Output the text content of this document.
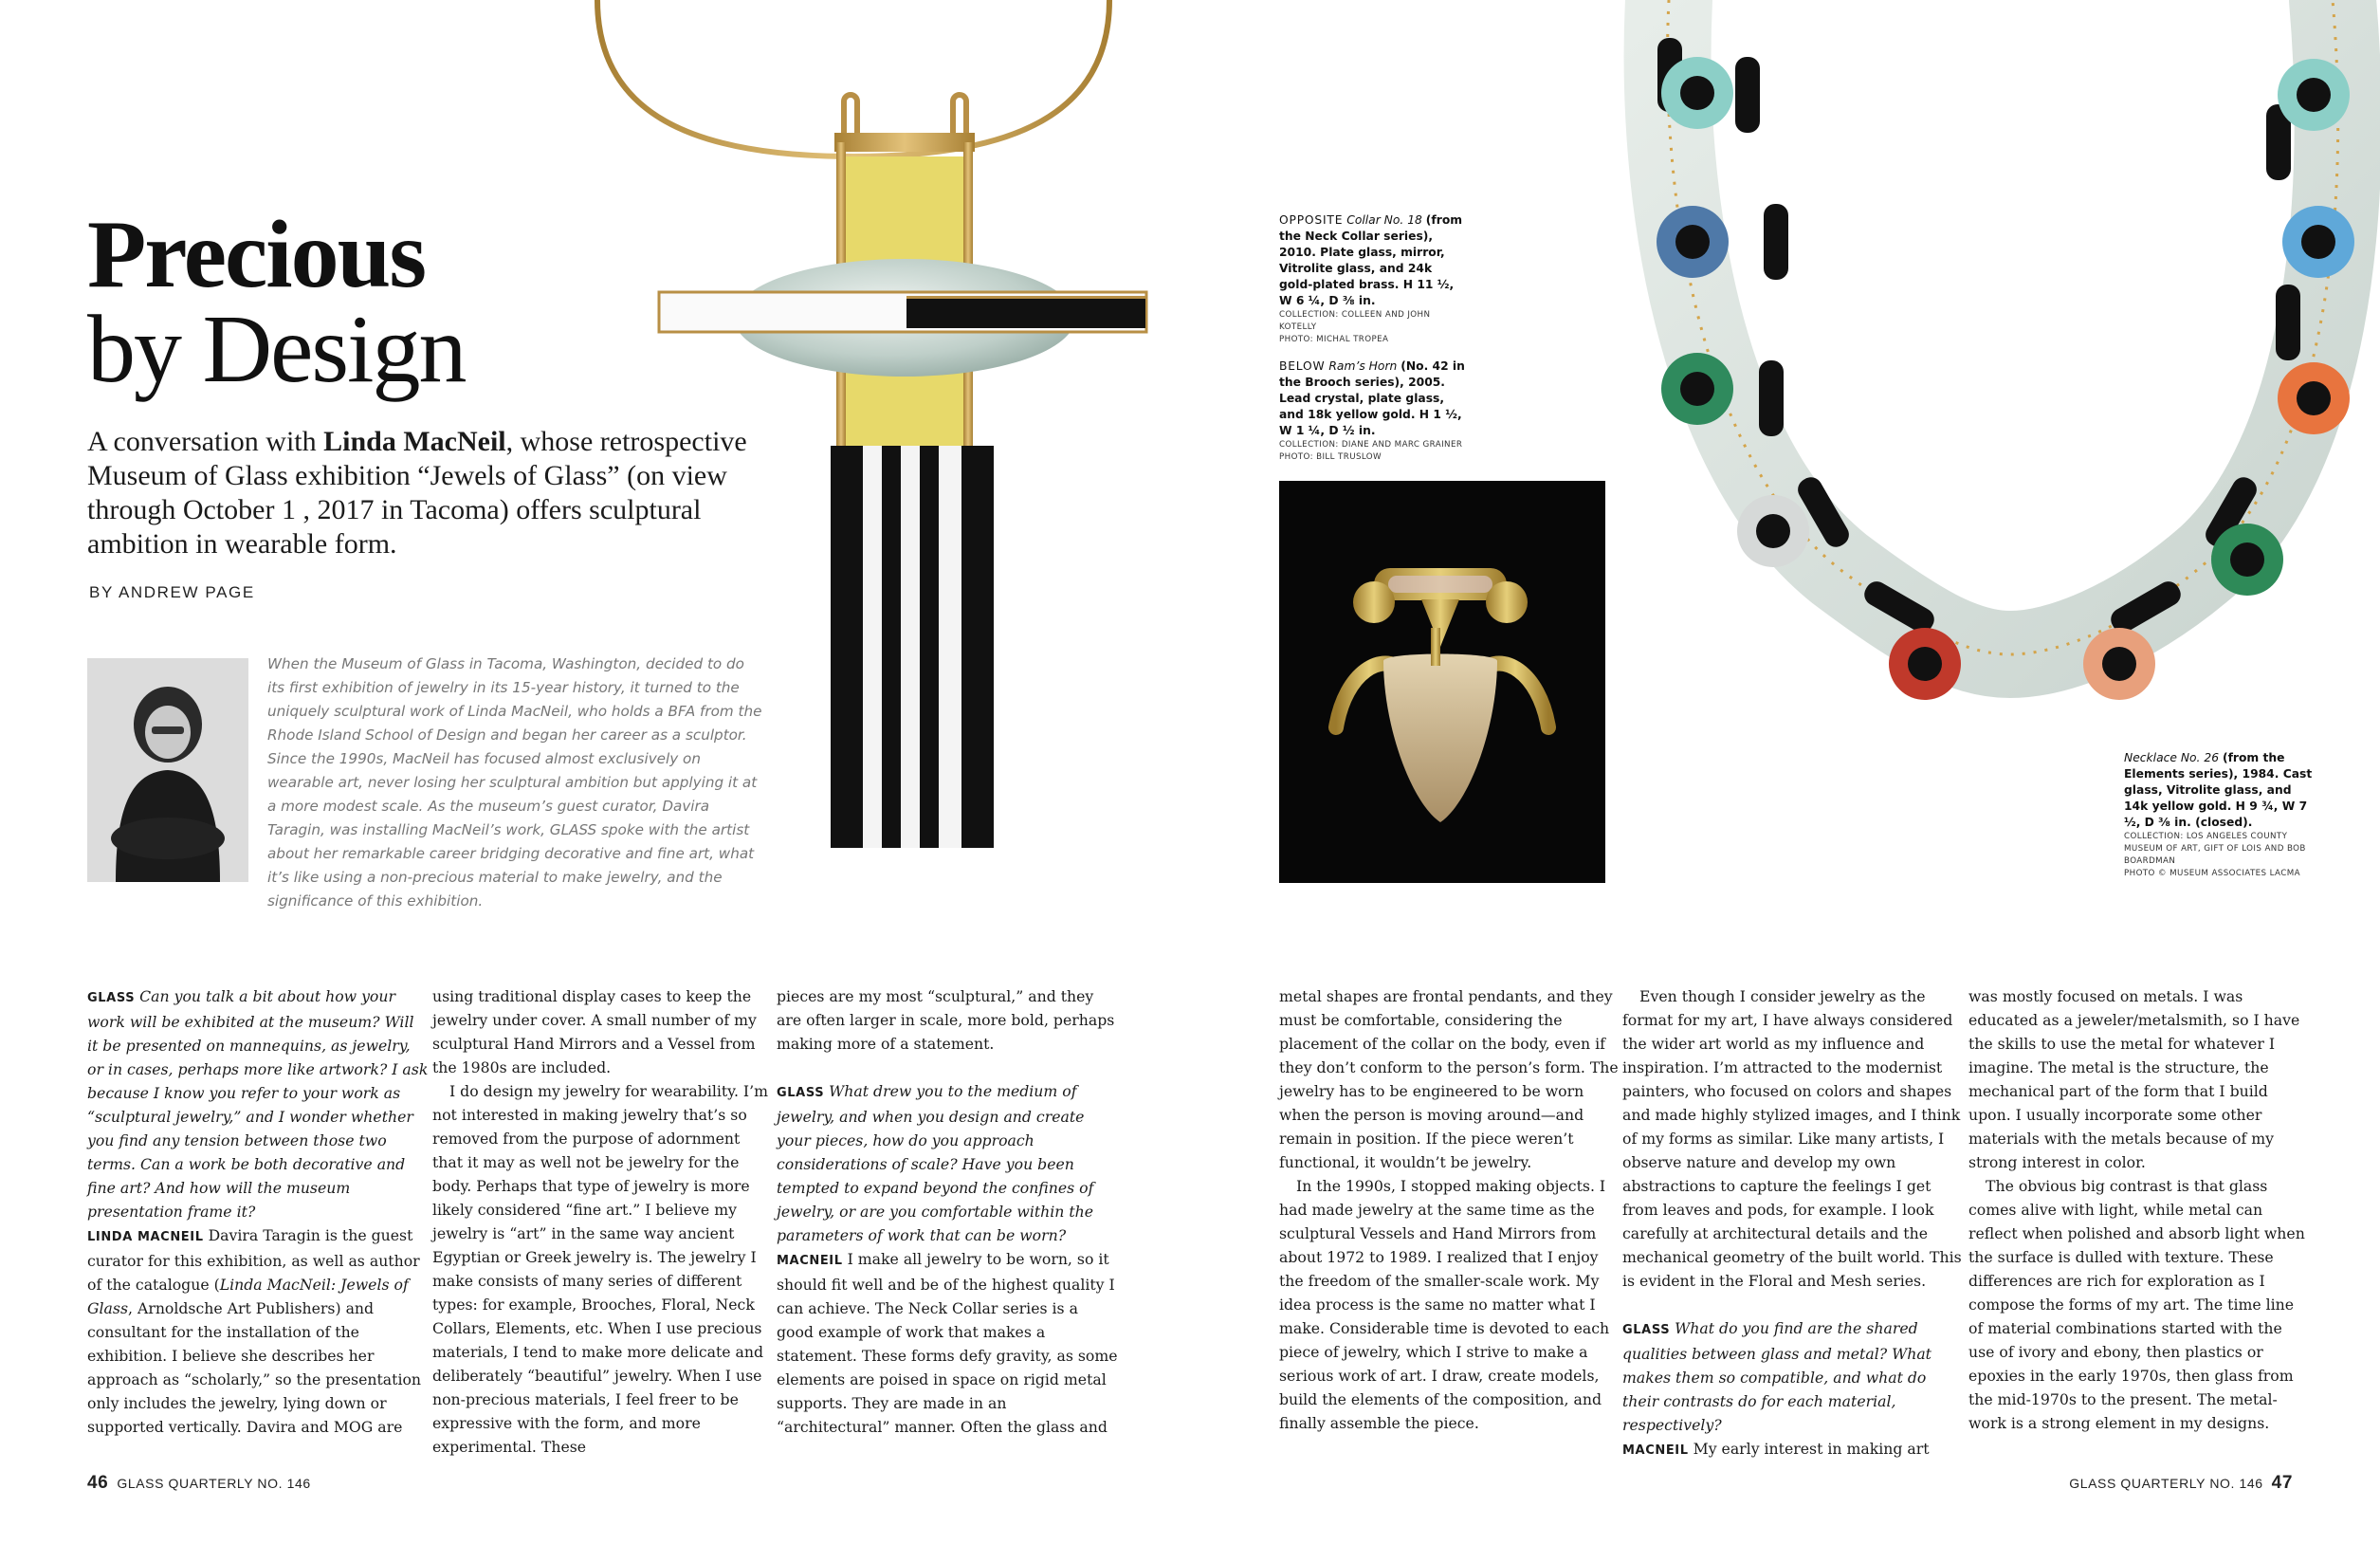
Precious
by Design
A conversation with Linda MacNeil, whose retrospective Museum of Glass exhibition “Jewels of Glass” (on view through October 1 , 2017 in Tacoma) offers sculptural ambition in wearable form.
BY ANDREW PAGE
When the Museum of Glass in Tacoma, Washington, decided to do its first exhibition of jewelry in its 15-year history, it turned to the uniquely sculptural work of Linda MacNeil, who holds a BFA from the Rhode Island School of Design and began her career as a sculptor. Since the 1990s, MacNeil has focused almost exclusively on wearable art, never losing her sculptural ambition but applying it at a more modest scale. As the museum’s guest curator, Davira Taragin, was installing MacNeil’s work, GLASS spoke with the artist about her remarkable career bridging decorative and fine art, what it’s like using a non-precious material to make jewelry, and the significance of this exhibition.
OPPOSITE Collar No. 18 (from the Neck Collar series), 2010. Plate glass, mirror, Vitrolite glass, and 24k gold-plated brass. H 11 ½, W 6 ¼, D ⅜ in.
COLLECTION: COLLEEN AND JOHN KOTELLY
PHOTO: MICHAL TROPEA
BELOW Ram’s Horn (No. 42 in the Brooch series), 2005. Lead crystal, plate glass, and 18k yellow gold. H 1 ½, W 1 ¼, D ½ in.
COLLECTION: DIANE AND MARC GRAINER
PHOTO: BILL TRUSLOW
Necklace No. 26 (from the Elements series), 1984. Cast glass, Vitrolite glass, and 14k yellow gold. H 9 ¾, W 7 ½, D ⅜ in. (closed).
COLLECTION: LOS ANGELES COUNTY MUSEUM OF ART, GIFT OF LOIS AND BOB BOARDMAN
PHOTO © MUSEUM ASSOCIATES LACMA

GLASS Can you talk a bit about how your work will be exhibited at the museum? Will it be presented on mannequins, as jewelry, or in cases, perhaps more like artwork? I ask because I know you refer to your work as “sculptural jewelry,” and I wonder whether you find any tension between those two terms. Can a work be both decorative and fine art? And how will the museum presentation frame it?

LINDA MACNEIL Davira Taragin is the guest curator for this exhibition, as well as author of the catalogue (Linda MacNeil: Jewels of Glass, Arnoldsche Art Publishers) and consultant for the installation of the exhibition. I believe she describes her approach as “scholarly,” so the presentation only includes the jewelry, lying down or supported vertically. Davira and MOG are

using traditional display cases to keep the jewelry under cover. A small number of my sculptural Hand Mirrors and a Vessel from the 1980s are included.

I do design my jewelry for wearability. I’m not interested in making jewelry that’s so removed from the purpose of adornment that it may as well not be jewelry for the body. Perhaps that type of jewelry is more likely considered “fine art.” I believe my jewelry is “art” in the same way ancient Egyptian or Greek jewelry is. The jewelry I make consists of many series of different types: for example, Brooches, Floral, Neck Collars, Elements, etc. When I use precious materials, I tend to make more delicate and deliberately “beautiful” jewelry. When I use non-precious materials, I feel freer to be expressive with the form, and more experimental. These

pieces are my most “sculptural,” and they are often larger in scale, more bold, perhaps making more of a statement.

GLASS What drew you to the medium of jewelry, and when you design and create your pieces, how do you approach considerations of scale? Have you been tempted to expand beyond the confines of jewelry, or are you comfortable within the parameters of work that can be worn?

MACNEIL I make all jewelry to be worn, so it should fit well and be of the highest quality I can achieve. The Neck Collar series is a good example of work that makes a statement. These forms defy gravity, as some elements are poised in space on rigid metal supports. They are made in an “architectural” manner. Often the glass and

metal shapes are frontal pendants, and they must be comfortable, considering the placement of the collar on the body, even if they don’t conform to the person’s form. The jewelry has to be engineered to be worn when the person is moving around—and remain in position. If the piece weren’t functional, it wouldn’t be jewelry.

In the 1990s, I stopped making objects. I had made jewelry at the same time as the sculptural Vessels and Hand Mirrors from about 1972 to 1989. I realized that I enjoy the freedom of the smaller-scale work. My idea process is the same no matter what I make. Considerable time is devoted to each piece of jewelry, which I strive to make a serious work of art. I draw, create models, build the elements of the composition, and finally assemble the piece.

Even though I consider jewelry as the format for my art, I have always considered the wider art world as my influence and inspiration. I’m attracted to the modernist painters, who focused on colors and shapes and made highly stylized images, and I think of my forms as similar. Like many artists, I observe nature and develop my own abstractions to capture the feelings I get from leaves and pods, for example. I look carefully at architectural details and the mechanical geometry of the built world. This is evident in the Floral and Mesh series.

GLASS What do you find are the shared qualities between glass and metal? What makes them so compatible, and what do their contrasts do for each material, respectively?

MACNEIL My early interest in making art

was mostly focused on metals. I was educated as a jeweler/metalsmith, so I have the skills to use the metal for whatever I imagine. The metal is the structure, the mechanical part of the form that I build upon. I usually incorporate some other materials with the metals because of my strong interest in color.

The obvious big contrast is that glass comes alive with light, while metal can reflect when polished and absorb light when the surface is dulled with texture. These differences are rich for exploration as I compose the forms of my art. The time line of material combinations started with the use of ivory and ebony, then plastics or epoxies in the early 1970s, then glass from the mid-1970s to the present. The metal-work is a strong element in my designs.

46 GLASS QUARTERLY NO. 146	GLASS QUARTERLY NO. 146 47
